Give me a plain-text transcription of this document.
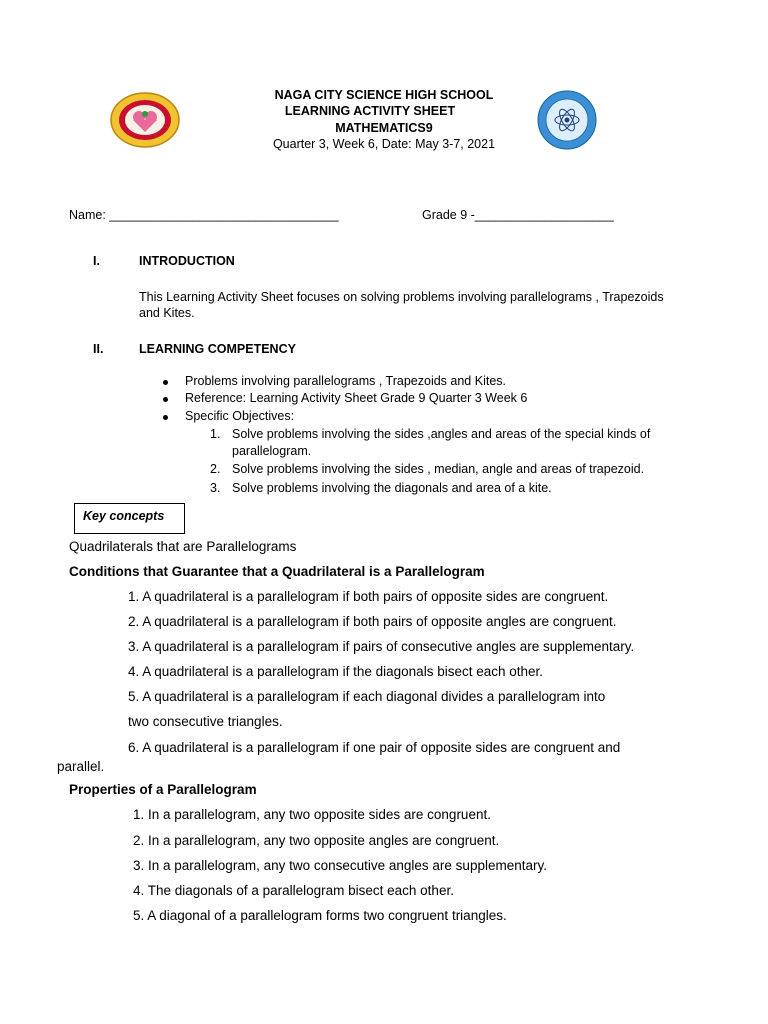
NAGA CITY SCIENCE HIGH SCHOOL
LEARNING ACTIVITY SHEET
MATHEMATICS9
Quarter 3, Week 6, Date: May 3-7, 2021
Name: _________________________________	Grade 9 -____________________
I.	INTRODUCTION
This Learning Activity Sheet focuses on solving problems involving parallelograms , Trapezoids
and Kites.
II.	LEARNING COMPETENCY
Problems involving parallelograms , Trapezoids and Kites.
Reference: Learning Activity Sheet Grade 9 Quarter 3 Week 6
Specific Objectives:
1. Solve problems involving the sides ,angles and areas of the special kinds of
parallelogram.
2. Solve problems involving the sides , median, angle and areas of trapezoid.
3. Solve problems involving the diagonals and area of a kite.
Key concepts
Quadrilaterals that are Parallelograms
Conditions that Guarantee that a Quadrilateral is a Parallelogram
1. A quadrilateral is a parallelogram if both pairs of opposite sides are congruent.
2. A quadrilateral is a parallelogram if both pairs of opposite angles are congruent.
3. A quadrilateral is a parallelogram if pairs of consecutive angles are supplementary.
4. A quadrilateral is a parallelogram if the diagonals bisect each other.
5. A quadrilateral is a parallelogram if each diagonal divides a parallelogram into
two consecutive triangles.
6. A quadrilateral is a parallelogram if one pair of opposite sides are congruent and
parallel.
Properties of a Parallelogram
1. In a parallelogram, any two opposite sides are congruent.
2. In a parallelogram, any two opposite angles are congruent.
3. In a parallelogram, any two consecutive angles are supplementary.
4. The diagonals of a parallelogram bisect each other.
5. A diagonal of a parallelogram forms two congruent triangles.
